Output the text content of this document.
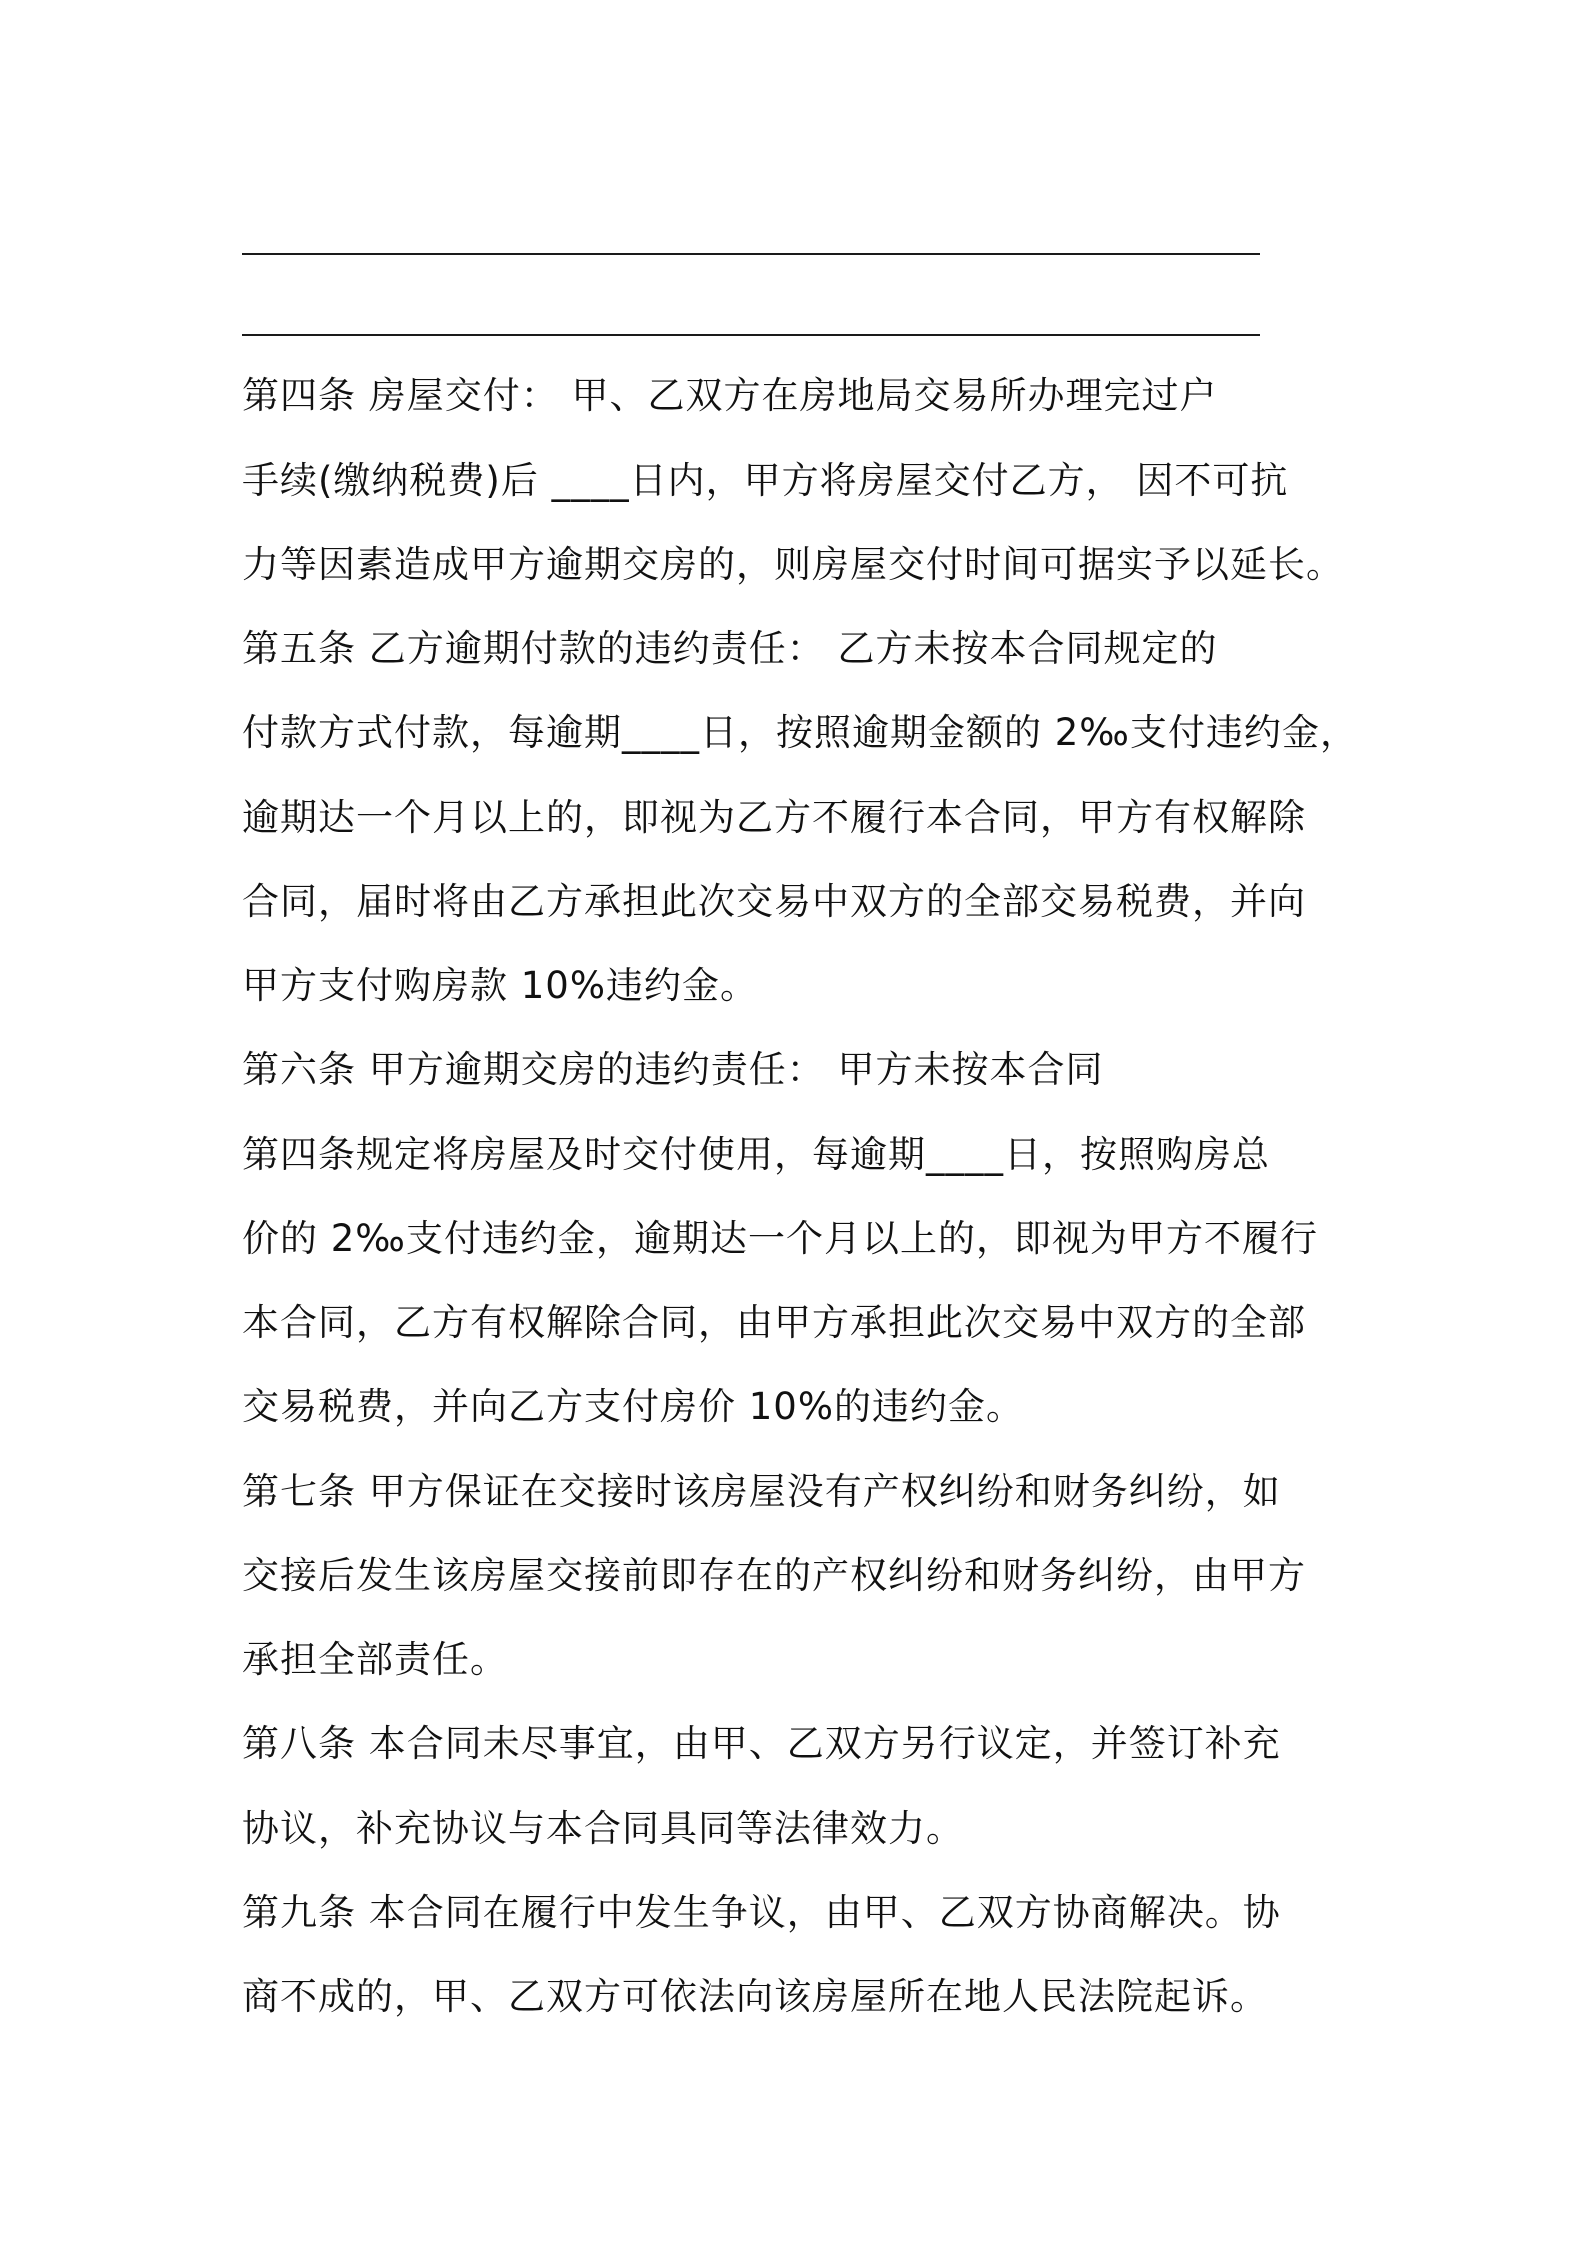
第四条 房屋交付： 甲、乙双方在房地局交易所办理完过户
手续(缴纳税费)后 ____日内，甲方将房屋交付乙方， 因不可抗
力等因素造成甲方逾期交房的，则房屋交付时间可据实予以延长。
第五条 乙方逾期付款的违约责任： 乙方未按本合同规定的
付款方式付款，每逾期____日，按照逾期金额的 2‰支付违约金，
逾期达一个月以上的，即视为乙方不履行本合同，甲方有权解除
合同，届时将由乙方承担此次交易中双方的全部交易税费，并向
甲方支付购房款 10%违约金。
第六条 甲方逾期交房的违约责任： 甲方未按本合同
第四条规定将房屋及时交付使用，每逾期____日，按照购房总
价的 2‰支付违约金，逾期达一个月以上的，即视为甲方不履行
本合同，乙方有权解除合同，由甲方承担此次交易中双方的全部
交易税费，并向乙方支付房价 10%的违约金。
第七条 甲方保证在交接时该房屋没有产权纠纷和财务纠纷，如
交接后发生该房屋交接前即存在的产权纠纷和财务纠纷，由甲方
承担全部责任。
第八条 本合同未尽事宜，由甲、乙双方另行议定，并签订补充
协议，补充协议与本合同具同等法律效力。
第九条 本合同在履行中发生争议，由甲、乙双方协商解决。协
商不成的，甲、乙双方可依法向该房屋所在地人民法院起诉。
